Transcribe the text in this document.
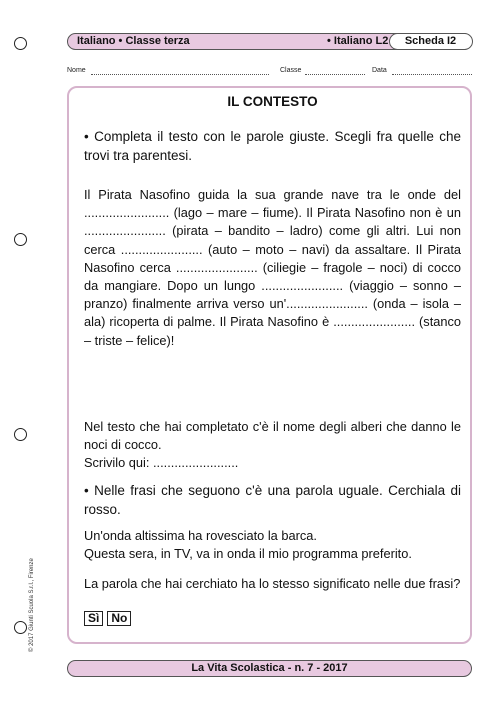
Italiano • Classe terza	• Italiano L2	Scheda I2
Nome	Classe	Data
IL CONTESTO
• Completa il testo con le parole giuste. Scegli fra quelle che trovi tra parentesi.
Il Pirata Nasofino guida la sua grande nave tra le onde del ........................ (lago – mare – fiume). Il Pirata Nasofino non è un ....................... (pirata – bandito – ladro) come gli altri. Lui non cerca ....................... (auto – moto – navi) da assaltare. Il Pirata Nasofino cerca ....................... (ciliegie – fragole – noci) di cocco da mangiare. Dopo un lungo ....................... (viaggio – sonno – pranzo) finalmente arriva verso un'....................... (onda – isola – ala) ricoperta di palme. Il Pirata Nasofino è ....................... (stanco – triste – felice)!
Nel testo che hai completato c'è il nome degli alberi che danno le noci di cocco.
Scrivilo qui: ........................
• Nelle frasi che seguono c'è una parola uguale. Cerchiala di rosso.
Un'onda altissima ha rovesciato la barca.
Questa sera, in TV, va in onda il mio programma preferito.
La parola che hai cerchiato ha lo stesso significato nelle due frasi?
Sì No
© 2017 Giunti Scuola S.r.l., Firenze
La Vita Scolastica - n. 7 - 2017
